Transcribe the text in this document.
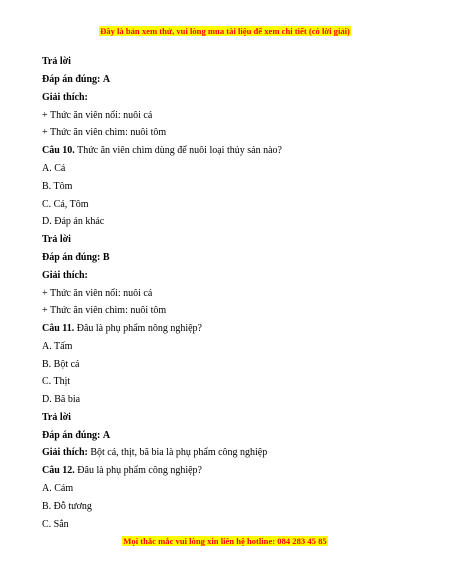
Đây là bản xem thử, vui lòng mua tài liệu để xem chi tiết (có lời giải)
Trả lời
Đáp án đúng: A
Giải thích:
+ Thức ăn viên nổi: nuôi cá
+ Thức ăn viên chìm: nuôi tôm
Câu 10. Thức ăn viên chìm dùng để nuôi loại thủy sản nào?
A. Cá
B. Tôm
C. Cá, Tôm
D. Đáp án khác
Trả lời
Đáp án đúng: B
Giải thích:
+ Thức ăn viên nổi: nuôi cá
+ Thức ăn viên chìm: nuôi tôm
Câu 11. Đâu là phụ phẩm nông nghiệp?
A. Tấm
B. Bột cá
C. Thịt
D. Bã bia
Trả lời
Đáp án đúng: A
Giải thích: Bột cá, thịt, bã bia là phụ phẩm công nghiệp
Câu 12. Đâu là phụ phẩm công nghiệp?
A. Cám
B. Đỗ tương
C. Sắn
Mọi thắc mắc vui lòng xin liên hệ hotline: 084 283 45 85
